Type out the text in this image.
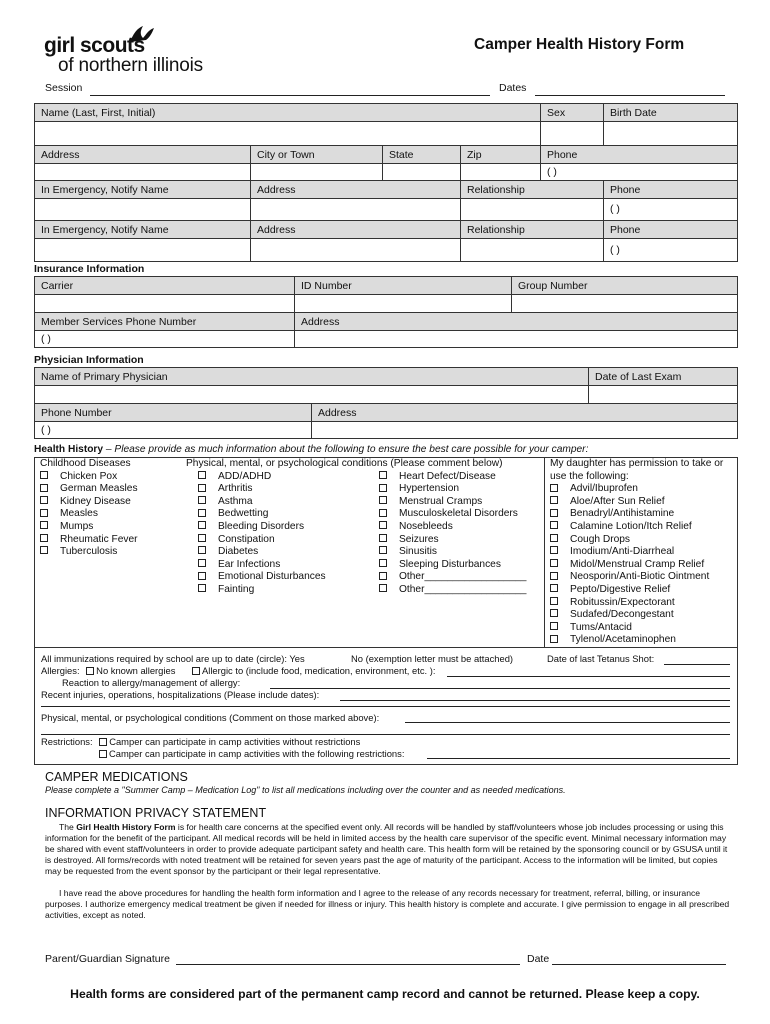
girl scouts
of northern illinois
Camper Health History Form
Session	Dates
Name (Last, First, Initial)	Sex	Birth Date
Address	City or Town	State	Zip	Phone
( )
In Emergency, Notify Name	Address	Relationship	Phone
( )
In Emergency, Notify Name	Address	Relationship	Phone
( )
Insurance Information
Carrier	ID Number	Group Number
Member Services Phone Number	Address
( )
Physician Information
Name of Primary Physician	Date of Last Exam
Phone Number	Address
( )
Health History – Please provide as much information about the following to ensure the best care possible for your camper:
Childhood Diseases
Chicken Pox
German Measles
Kidney Disease
Measles
Mumps
Rheumatic Fever
Tuberculosis
Physical, mental, or psychological conditions (Please comment below)
ADD/ADHD
Arthritis
Asthma
Bedwetting
Bleeding Disorders
Constipation
Diabetes
Ear Infections
Emotional Disturbances
Fainting
Heart Defect/Disease
Hypertension
Menstrual Cramps
Musculoskeletal Disorders
Nosebleeds
Seizures
Sinusitis
Sleeping Disturbances
Other__________________
Other__________________
My daughter has permission to take or
use the following:
Advil/Ibuprofen
Aloe/After Sun Relief
Benadryl/Antihistamine
Calamine Lotion/Itch Relief
Cough Drops
Imodium/Anti-Diarrheal
Midol/Menstrual Cramp Relief
Neosporin/Anti-Biotic Ointment
Pepto/Digestive Relief
Robitussin/Expectorant
Sudafed/Decongestant
Tums/Antacid
Tylenol/Acetaminophen
All immunizations required by school are up to date (circle): Yes	No (exemption letter must be attached)	Date of last Tetanus Shot:
Allergies: No known allergies	Allergic to (include food, medication, environment, etc. ):
Reaction to allergy/management of allergy:
Recent injuries, operations, hospitalizations (Please include dates):
Physical, mental, or psychological conditions (Comment on those marked above):
Restrictions: Camper can participate in camp activities without restrictions
Camper can participate in camp activities with the following restrictions:
CAMPER MEDICATIONS
Please complete a "Summer Camp – Medication Log" to list all medications including over the counter and as needed medications.
INFORMATION PRIVACY STATEMENT
The Girl Health History Form is for health care concerns at the specified event only. All records will be handled by staff/volunteers whose job includes processing or using this information for the benefit of the participant. All medical records will be held in limited access by the health care supervisor of the specific event. Minimal necessary information may be shared with event staff/volunteers in order to provide adequate participant safety and health care. This health form will be retained by the sponsoring council or by GSUSA until it is destroyed. All forms/records with noted treatment will be retained for seven years past the age of maturity of the participant. Access to the information will be limited, but copies may be requested from the event sponsor by the participant or their legal representative.
I have read the above procedures for handling the health form information and I agree to the release of any records necessary for treatment, referral, billing, or insurance purposes. I authorize emergency medical treatment be given if needed for illness or injury. This health history is complete and accurate. I give permission to engage in all prescribed activities, except as noted.
Parent/Guardian Signature	Date
Health forms are considered part of the permanent camp record and cannot be returned. Please keep a copy.
